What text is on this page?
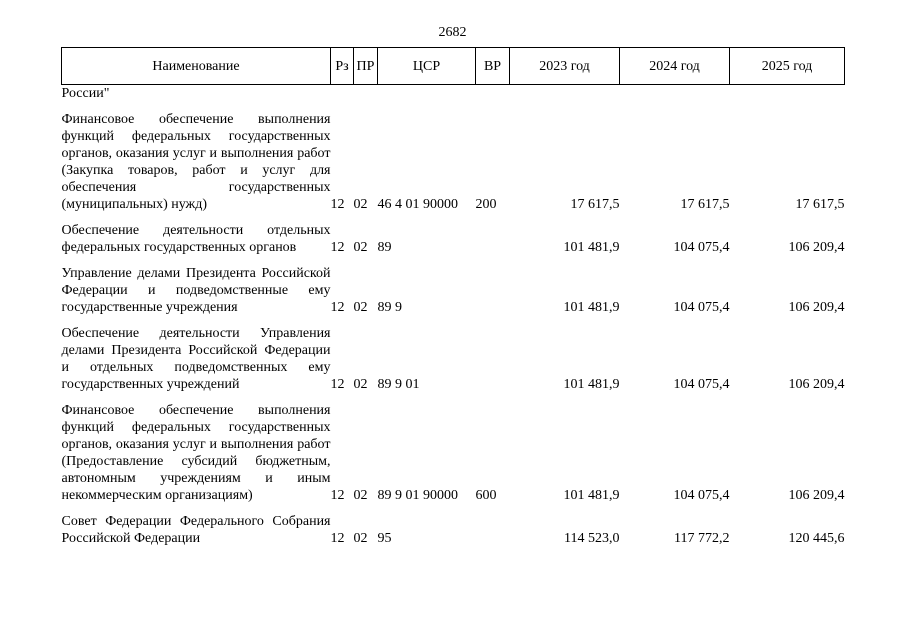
2682
Наименование	Рз	ПР	ЦСР	ВР	2023 год	2024 год	2025 год
России"							

Финансовое обеспечение выполнения функций федеральных государственных органов, оказания услуг и выполнения работ (Закупка товаров, работ и услуг для обеспечения государственных (муниципальных) нужд)	12	02	46 4 01 90000	200	17 617,5	17 617,5	17 617,5

Обеспечение деятельности отдельных федеральных государственных органов	12	02	89		101 481,9	104 075,4	106 209,4

Управление делами Президента Российской Федерации и подведомственные ему государственные учреждения	12	02	89 9		101 481,9	104 075,4	106 209,4

Обеспечение деятельности Управления делами Президента Российской Федерации и отдельных подведомственных ему государственных учреждений	12	02	89 9 01		101 481,9	104 075,4	106 209,4

Финансовое обеспечение выполнения функций федеральных государственных органов, оказания услуг и выполнения работ (Предоставление субсидий бюджетным, автономным учреждениям и иным некоммерческим организациям)	12	02	89 9 01 90000	600	101 481,9	104 075,4	106 209,4

Совет Федерации Федерального Собрания Российской Федерации	12	02	95		114 523,0	117 772,2	120 445,6
